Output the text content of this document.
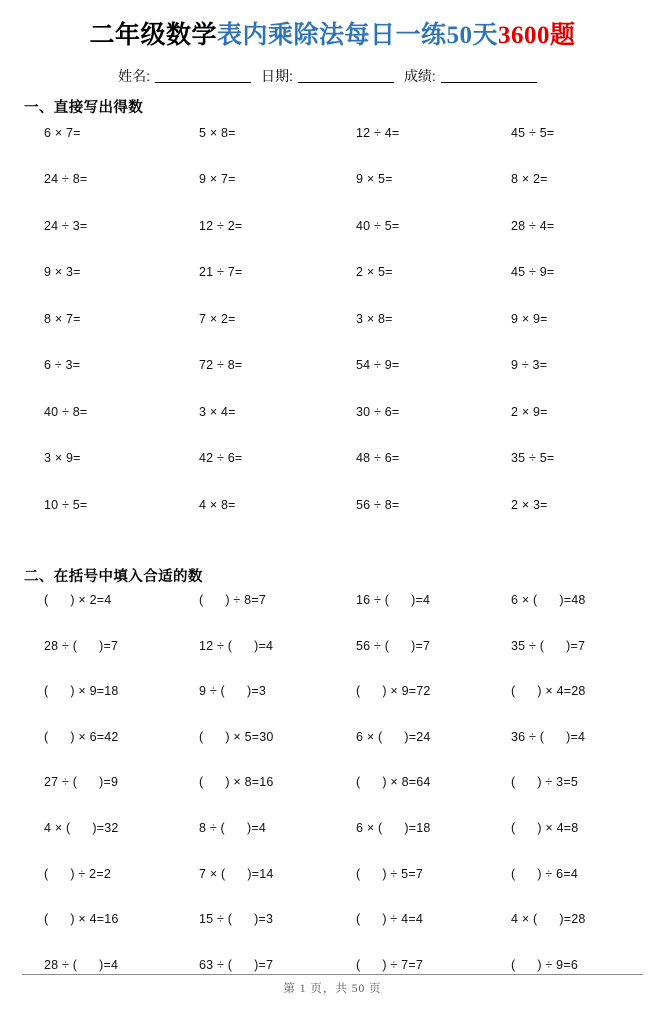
二年级数学表内乘除法每日一练50天3600题
姓名:	日期:	成绩:
一、直接写出得数
6 × 7=	5 × 8=	12 ÷ 4=	45 ÷ 5=
24 ÷ 8=	9 × 7=	9 × 5=	8 × 2=
24 ÷ 3=	12 ÷ 2=	40 ÷ 5=	28 ÷ 4=
9 × 3=	21 ÷ 7=	2 × 5=	45 ÷ 9=
8 × 7=	7 × 2=	3 × 8=	9 × 9=
6 ÷ 3=	72 ÷ 8=	54 ÷ 9=	9 ÷ 3=
40 ÷ 8=	3 × 4=	30 ÷ 6=	2 × 9=
3 × 9=	42 ÷ 6=	48 ÷ 6=	35 ÷ 5=
10 ÷ 5=	4 × 8=	56 ÷ 8=	2 × 3=
二、在括号中填入合适的数
(      ) × 2=4	(      ) ÷ 8=7	16 ÷ (      )=4	6 × (      )=48
28 ÷ (      )=7	12 ÷ (      )=4	56 ÷ (      )=7	35 ÷ (      )=7
(      ) × 9=18	9 ÷ (      )=3	(      ) × 9=72	(      ) × 4=28
(      ) × 6=42	(      ) × 5=30	6 × (      )=24	36 ÷ (      )=4
27 ÷ (      )=9	(      ) × 8=16	(      ) × 8=64	(      ) ÷ 3=5
4 × (      )=32	8 ÷ (      )=4	6 × (      )=18	(      ) × 4=8
(      ) ÷ 2=2	7 × (      )=14	(      ) ÷ 5=7	(      ) ÷ 6=4
(      ) × 4=16	15 ÷ (      )=3	(      ) ÷ 4=4	4 × (      )=28
28 ÷ (      )=4	63 ÷ (      )=7	(      ) ÷ 7=7	(      ) ÷ 9=6
第 1 页，共 50 页
